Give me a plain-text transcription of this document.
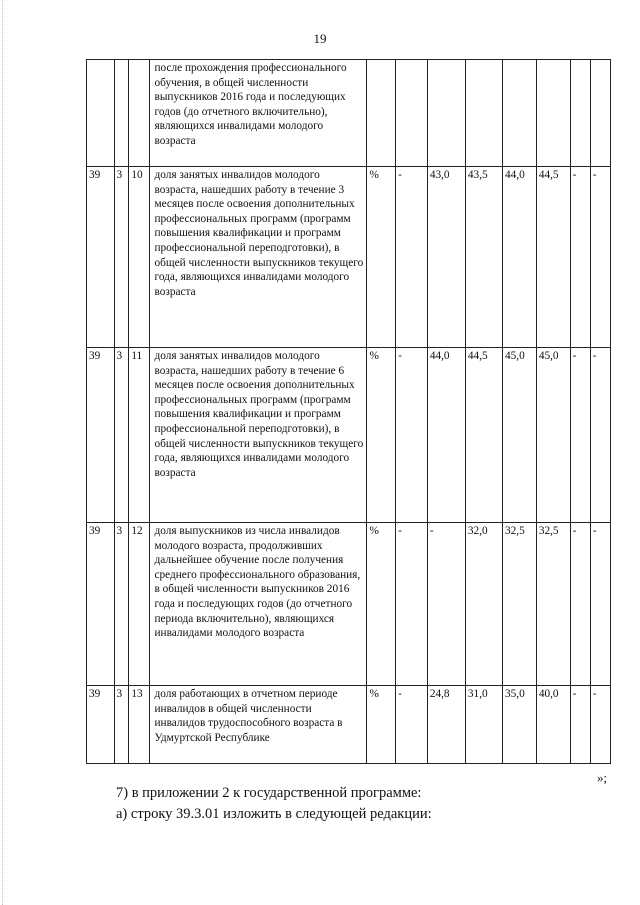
19
			после прохождения профессионального обучения, в общей численности выпускников 2016 года и последующих годов (до отчетного включительно), являющихся инвалидами молодого возраста								
39	3	10	доля занятых инвалидов молодого возраста, нашедших работу в течение 3 месяцев после освоения дополнительных профессиональных программ (программ повышения квалификации и программ профессиональной переподготовки), в общей численности выпускников текущего года, являющихся инвалидами молодого возраста	%	-	43,0	43,5	44,0	44,5	-	-
39	3	11	доля занятых инвалидов молодого возраста, нашедших работу в течение 6 месяцев после освоения дополнительных профессиональных программ (программ повышения квалификации и программ профессиональной переподготовки), в общей численности выпускников текущего года, являющихся инвалидами молодого возраста	%	-	44,0	44,5	45,0	45,0	-	-
39	3	12	доля выпускников из числа инвалидов молодого возраста, продолживших дальнейшее обучение после получения среднего профессионального образования, в общей численности выпускников 2016 года и последующих годов (до отчетного периода включительно), являющихся инвалидами молодого возраста	%	-	-	32,0	32,5	32,5	-	-
39	3	13	доля работающих в отчетном периоде инвалидов в общей численности инвалидов трудоспособного возраста в Удмуртской Республике	%	-	24,8	31,0	35,0	40,0	-	-
»;
7) в приложении 2 к государственной программе:
а) строку 39.3.01 изложить в следующей редакции:
